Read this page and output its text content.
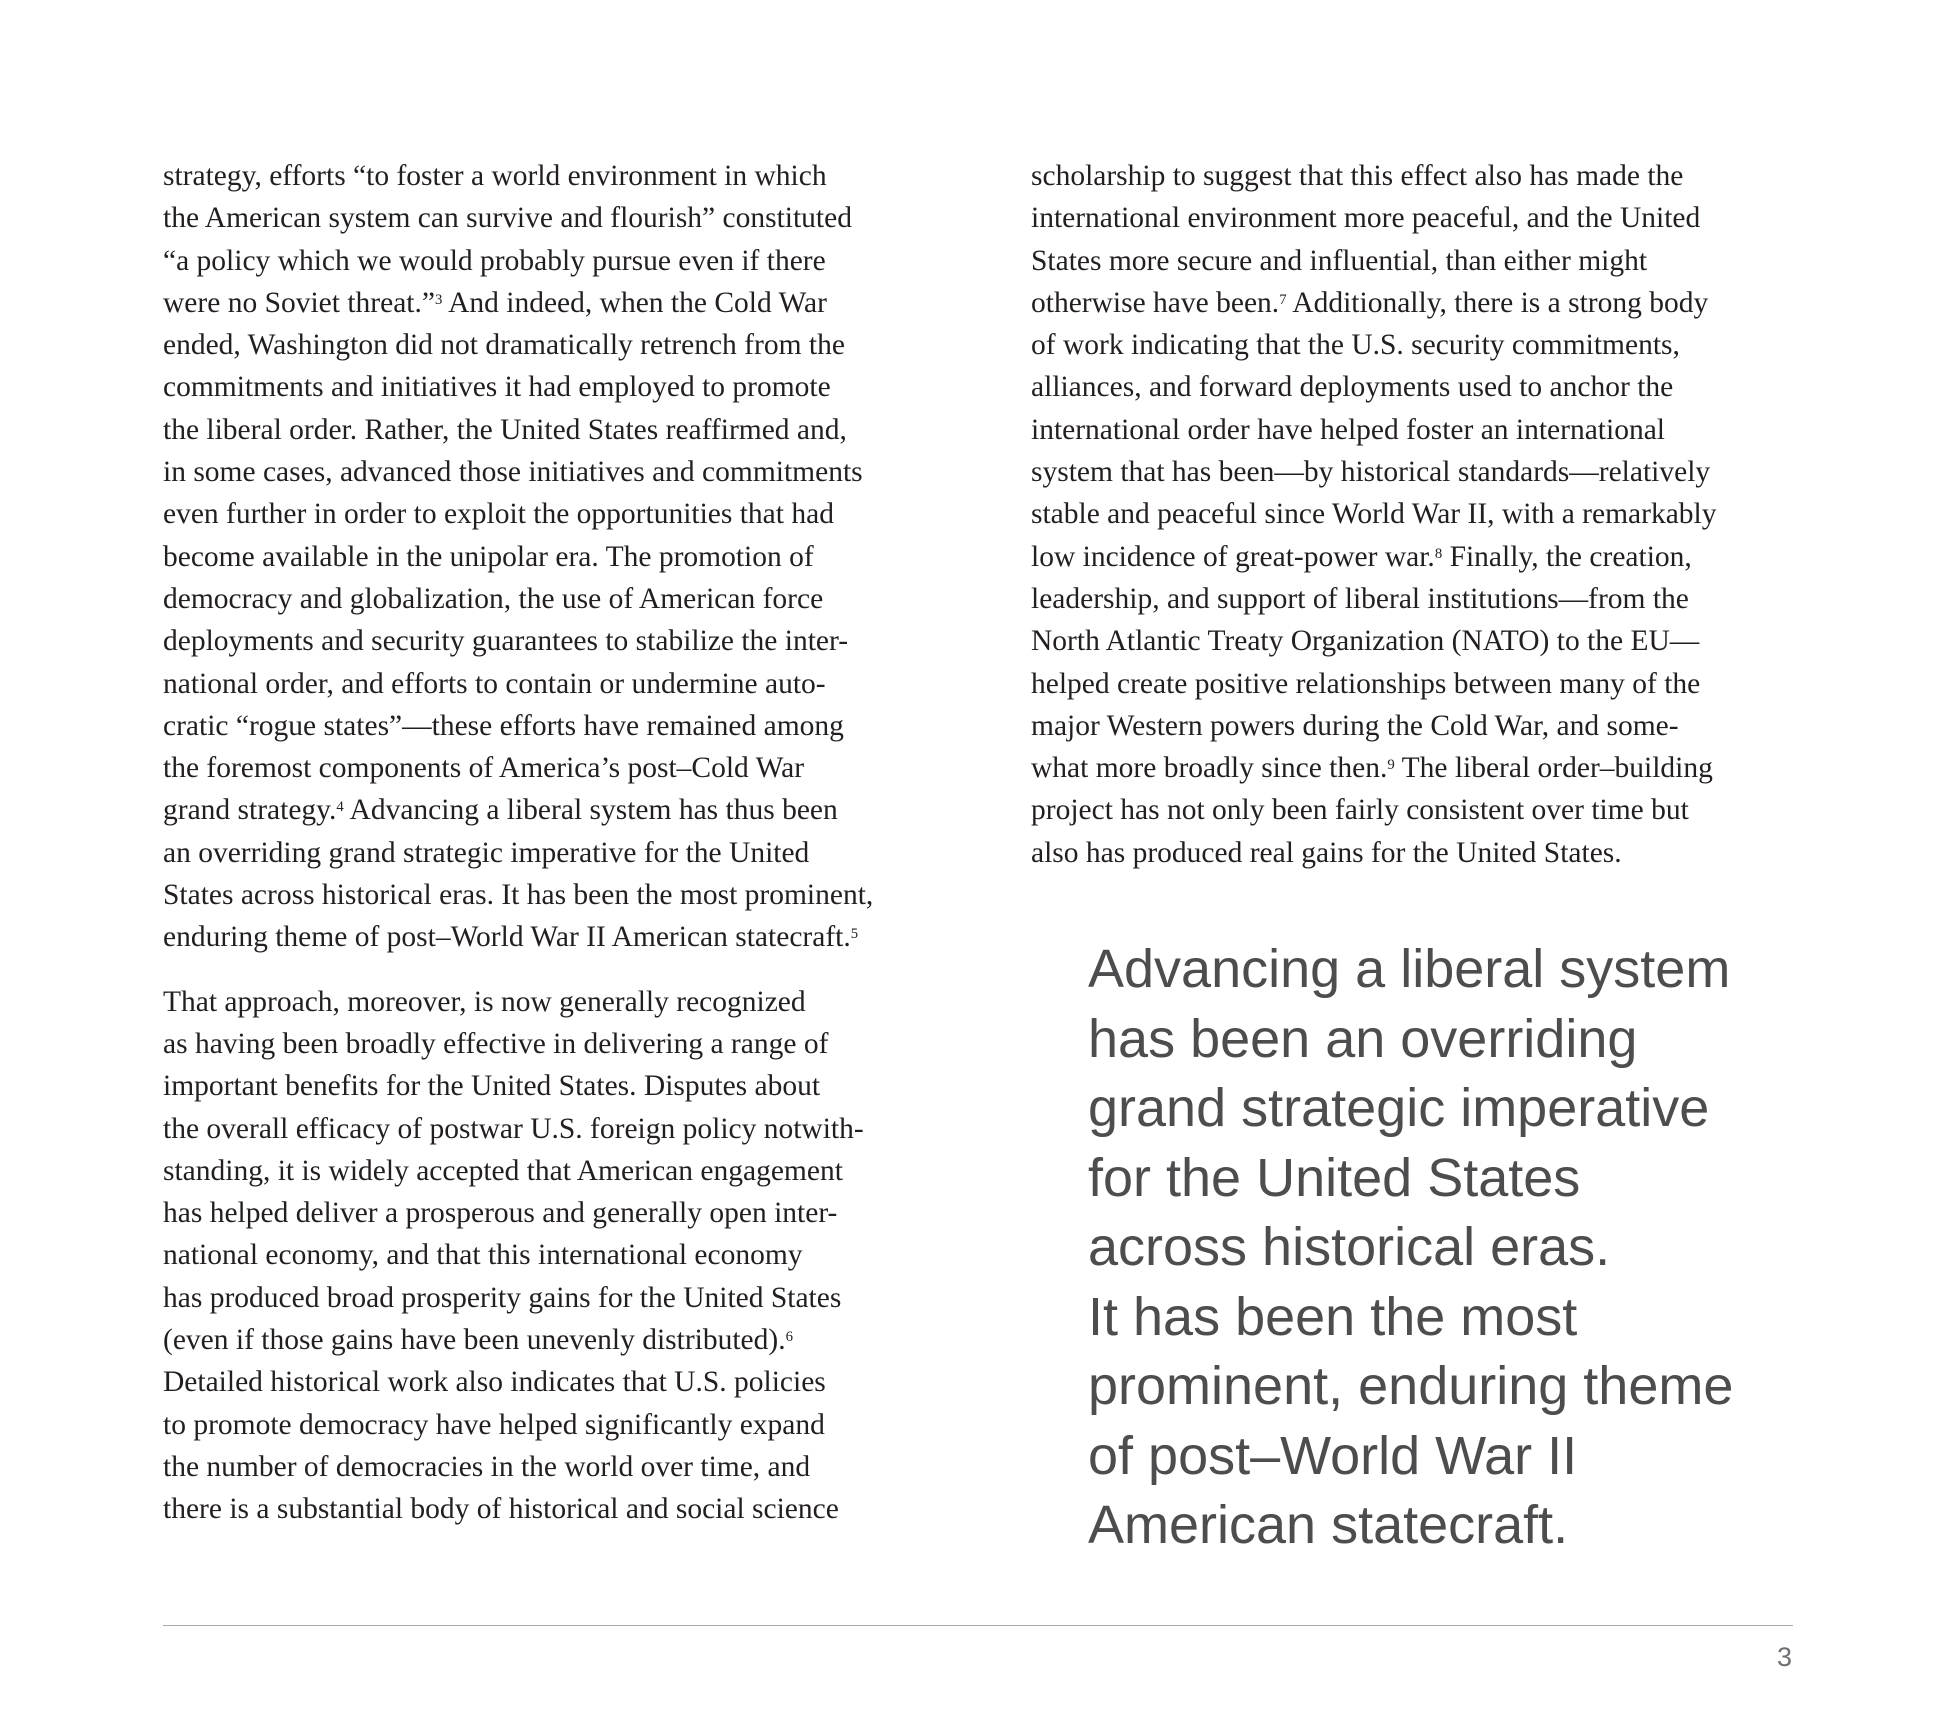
strategy, efforts “to foster a world environment in which
the American system can survive and flourish” constituted
“a policy which we would probably pursue even if there
were no Soviet threat.”$^3$ And indeed, when the Cold War
ended, Washington did not dramatically retrench from the
commitments and initiatives it had employed to promote
the liberal order. Rather, the United States reaffirmed and,
in some cases, advanced those initiatives and commitments
even further in order to exploit the opportunities that had
become available in the unipolar era. The promotion of
democracy and globalization, the use of American force
deployments and security guarantees to stabilize the inter-
national order, and efforts to contain or undermine auto-
cratic “rogue states”—these efforts have remained among
the foremost components of America’s post–Cold War
grand strategy.$^4$ Advancing a liberal system has thus been
an overriding grand strategic imperative for the United
States across historical eras. It has been the most prominent,
enduring theme of post–World War II American statecraft.$^5$

That approach, moreover, is now generally recognized
as having been broadly effective in delivering a range of
important benefits for the United States. Disputes about
the overall efficacy of postwar U.S. foreign policy notwith-
standing, it is widely accepted that American engagement
has helped deliver a prosperous and generally open inter-
national economy, and that this international economy
has produced broad prosperity gains for the United States
(even if those gains have been unevenly distributed).$^6$
Detailed historical work also indicates that U.S. policies
to promote democracy have helped significantly expand
the number of democracies in the world over time, and
there is a substantial body of historical and social science

scholarship to suggest that this effect also has made the
international environment more peaceful, and the United
States more secure and influential, than either might
otherwise have been.$^7$ Additionally, there is a strong body
of work indicating that the U.S. security commitments,
alliances, and forward deployments used to anchor the
international order have helped foster an international
system that has been—by historical standards—relatively
stable and peaceful since World War II, with a remarkably
low incidence of great-power war.$^8$ Finally, the creation,
leadership, and support of liberal institutions—from the
North Atlantic Treaty Organization (NATO) to the EU—
helped create positive relationships between many of the
major Western powers during the Cold War, and some-
what more broadly since then.$^9$ The liberal order–building
project has not only been fairly consistent over time but
also has produced real gains for the United States.

Advancing a liberal system
has been an overriding
grand strategic imperative
for the United States
across historical eras.
It has been the most
prominent, enduring theme
of post–World War II
American statecraft.
3
